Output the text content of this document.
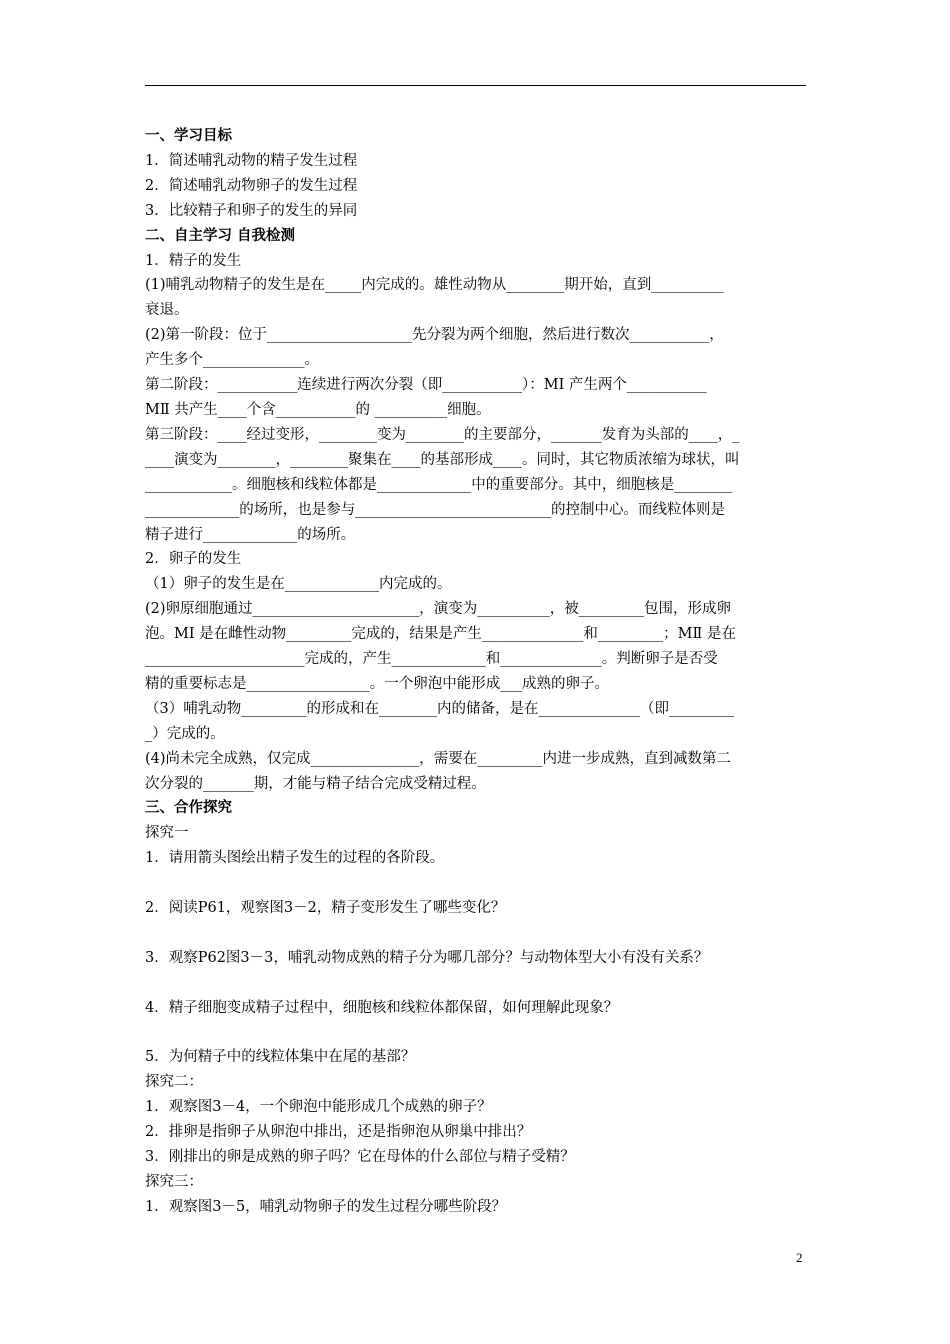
一、学习目标
1．简述哺乳动物的精子发生过程
2．简述哺乳动物卵子的发生过程
3．比较精子和卵子的发生的异同
二、自主学习 自我检测
1．精子的发生
(1)哺乳动物精子的发生是在_____内完成的。雄性动物从________期开始，直到__________
衰退。
(2)第一阶段：位于____________________先分裂为两个细胞，然后进行数次___________，
产生多个______________。
第二阶段：___________连续进行两次分裂（即___________）：MⅠ 产生两个___________
MⅡ 共产生____个含___________的 __________细胞。
第三阶段：____经过变形，________变为________的主要部分，_______发育为头部的____，_
____演变为________，________聚集在____的基部形成____。同时，其它物质浓缩为球状，叫
____________。细胞核和线粒体都是_____________中的重要部分。其中，细胞核是________
_____________的场所，也是参与___________________________的控制中心。而线粒体则是
精子进行_____________的场所。
2．卵子的发生
（1）卵子的发生是在_____________内完成的。
(2)卵原细胞通过_______________________，演变为__________，被_________包围，形成卵
泡。MⅠ 是在雌性动物_________完成的，结果是产生______________和_________；MⅡ 是在
______________________完成的，产生_____________和______________。判断卵子是否受
精的重要标志是_________________。一个卵泡中能形成___成熟的卵子。
（3）哺乳动物_________的形成和在________内的储备，是在______________（即_________
_）完成的。
(4)尚未完全成熟，仅完成_______________，需要在_________内进一步成熟，直到减数第二
次分裂的_______期，才能与精子结合完成受精过程。
三、合作探究
探究一
1．请用箭头图绘出精子发生的过程的各阶段。
2．阅读P61，观察图3－2，精子变形发生了哪些变化？
3．观察P62图3－3，哺乳动物成熟的精子分为哪几部分？与动物体型大小有没有关系？
4．精子细胞变成精子过程中，细胞核和线粒体都保留，如何理解此现象？
5．为何精子中的线粒体集中在尾的基部？
探究二：
1．观察图3－4，一个卵泡中能形成几个成熟的卵子？
2．排卵是指卵子从卵泡中排出，还是指卵泡从卵巢中排出？
3．刚排出的卵是成熟的卵子吗？它在母体的什么部位与精子受精？
探究三：
1．观察图3－5，哺乳动物卵子的发生过程分哪些阶段？
2
